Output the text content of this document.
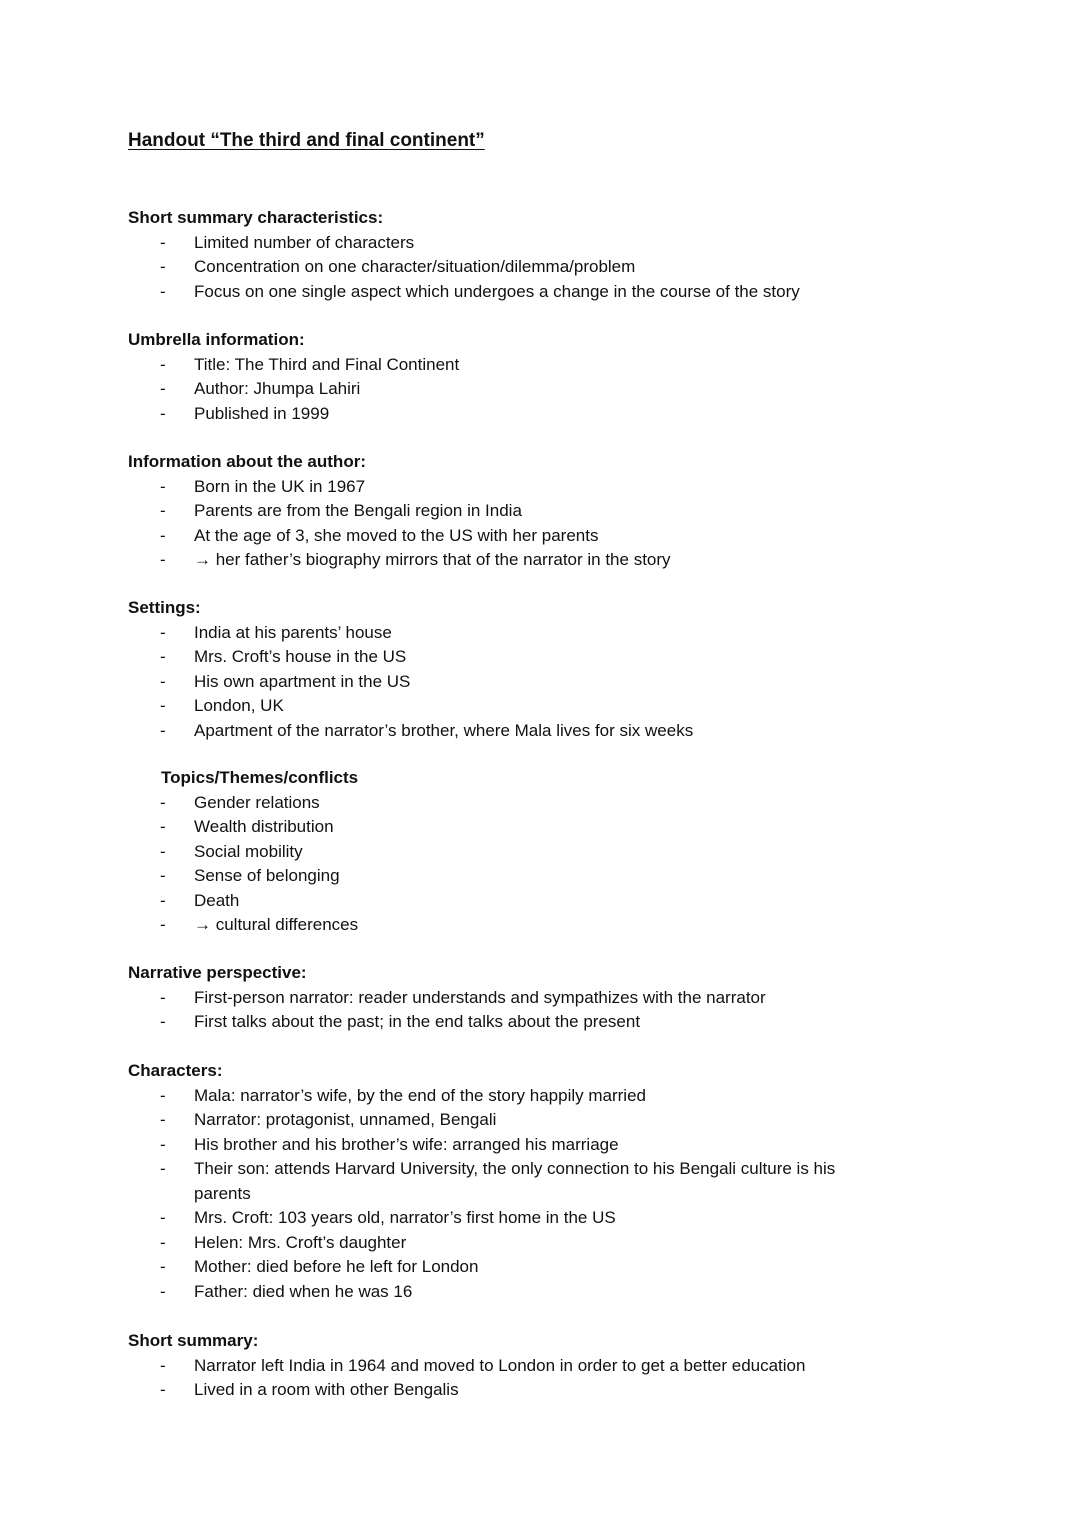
Handout “The third and final continent”
Short summary characteristics:
- Limited number of characters
- Concentration on one character/situation/dilemma/problem
- Focus on one single aspect which undergoes a change in the course of the story
Umbrella information:
- Title: The Third and Final Continent
- Author: Jhumpa Lahiri
- Published in 1999
Information about the author:
- Born in the UK in 1967
- Parents are from the Bengali region in India
- At the age of 3, she moved to the US with her parents
- → her father’s biography mirrors that of the narrator in the story
Settings:
- India at his parents’ house
- Mrs. Croft’s house in the US
- His own apartment in the US
- London, UK
- Apartment of the narrator’s brother, where Mala lives for six weeks
Topics/Themes/conflicts
- Gender relations
- Wealth distribution
- Social mobility
- Sense of belonging
- Death
- → cultural differences
Narrative perspective:
- First-person narrator: reader understands and sympathizes with the narrator
- First talks about the past; in the end talks about the present
Characters:
- Mala: narrator’s wife, by the end of the story happily married
- Narrator: protagonist, unnamed, Bengali
- His brother and his brother’s wife: arranged his marriage
- Their son: attends Harvard University, the only connection to his Bengali culture is his parents
- Mrs. Croft: 103 years old, narrator’s first home in the US
- Helen: Mrs. Croft’s daughter
- Mother: died before he left for London
- Father: died when he was 16
Short summary:
- Narrator left India in 1964 and moved to London in order to get a better education
- Lived in a room with other Bengalis
